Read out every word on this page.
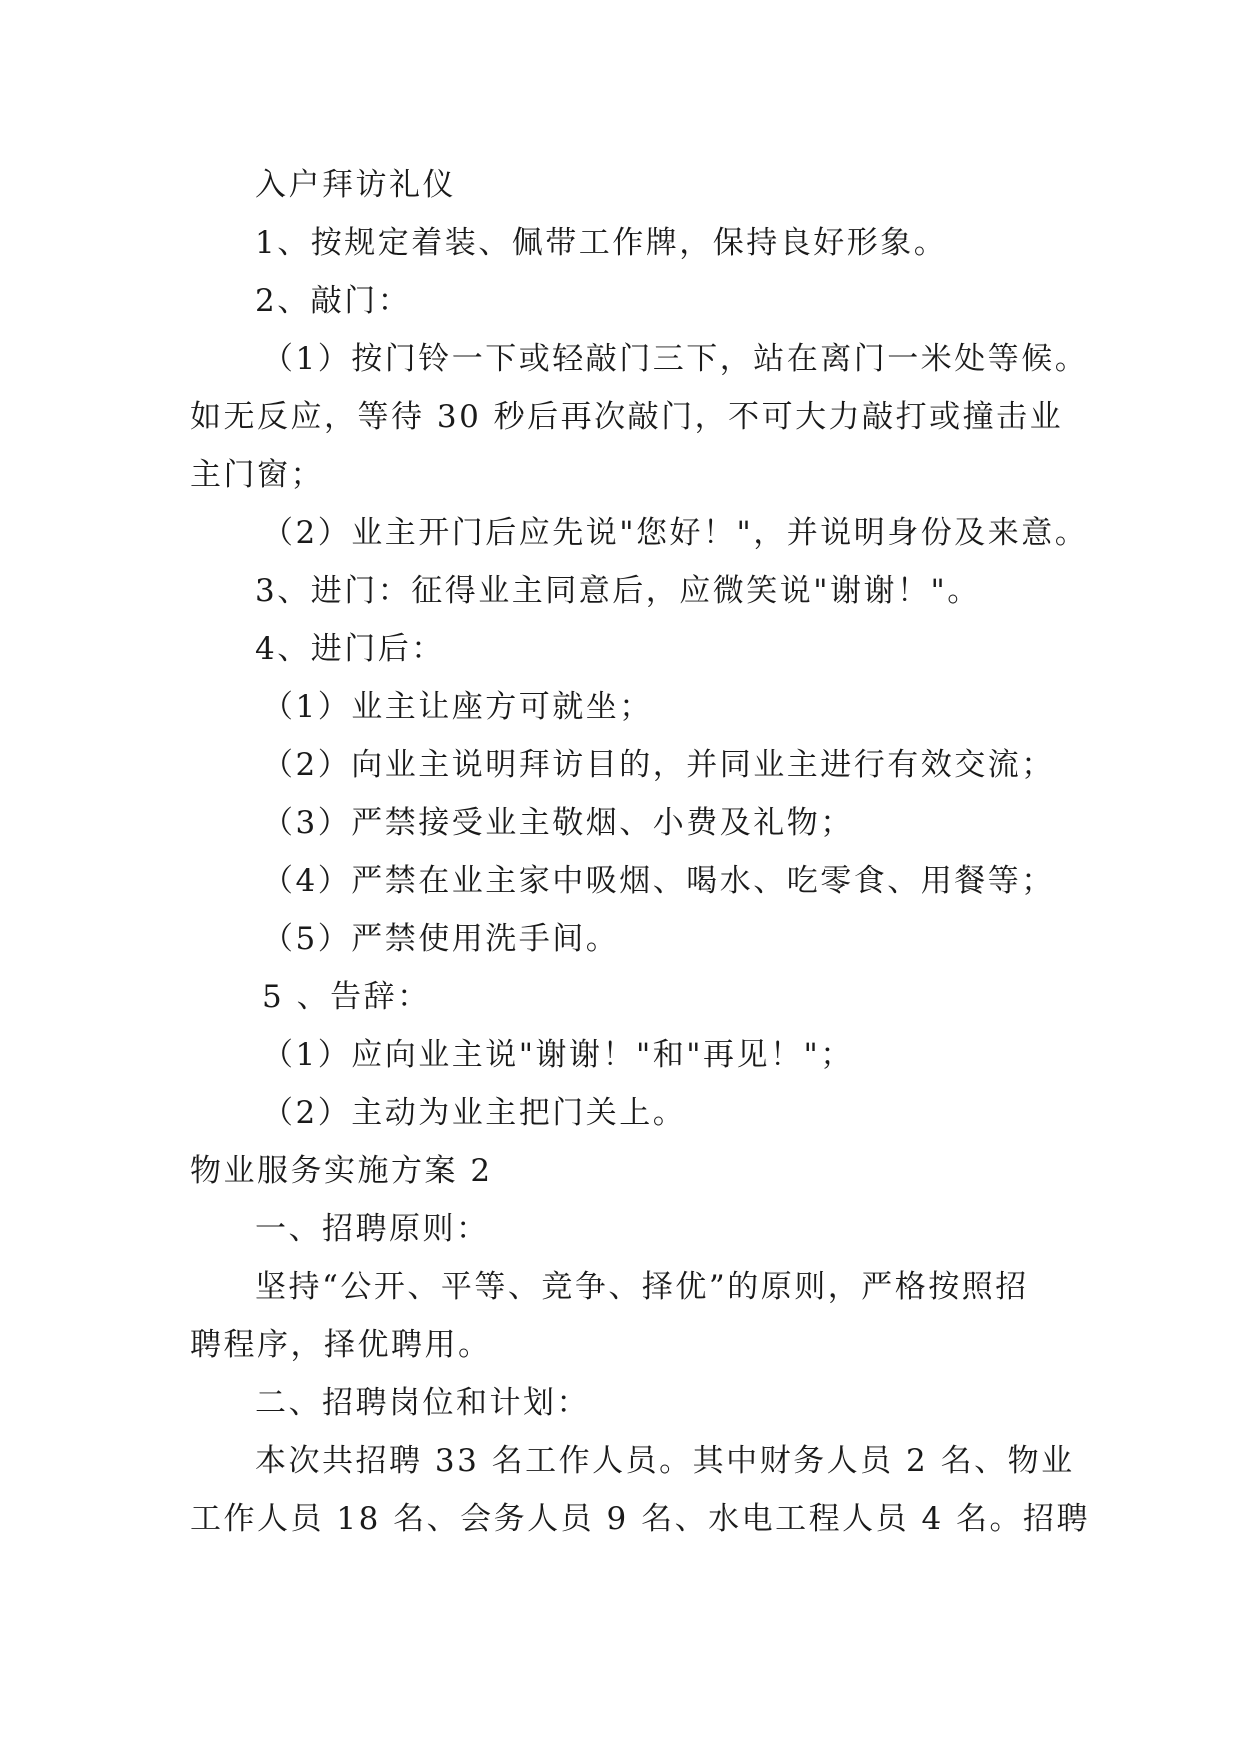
入户拜访礼仪
1、按规定着装、佩带工作牌，保持良好形象。
2、敲门：
（1）按门铃一下或轻敲门三下，站在离门一米处等候。
如无反应，等待 30 秒后再次敲门，不可大力敲打或撞击业
主门窗；
（2）业主开门后应先说"您好！"，并说明身份及来意。
3、进门：征得业主同意后，应微笑说"谢谢！"。
4、进门后：
（1）业主让座方可就坐；
（2）向业主说明拜访目的，并同业主进行有效交流；
（3）严禁接受业主敬烟、小费及礼物；
（4）严禁在业主家中吸烟、喝水、吃零食、用餐等；
（5）严禁使用洗手间。
5 、告辞：
（1）应向业主说"谢谢！"和"再见！"；
（2）主动为业主把门关上。
物业服务实施方案 2
一、招聘原则：
坚持“公开、平等、竞争、择优”的原则，严格按照招
聘程序，择优聘用。
二、招聘岗位和计划：
本次共招聘 33 名工作人员。其中财务人员 2 名、物业
工作人员 18 名、会务人员 9 名、水电工程人员 4 名。招聘
